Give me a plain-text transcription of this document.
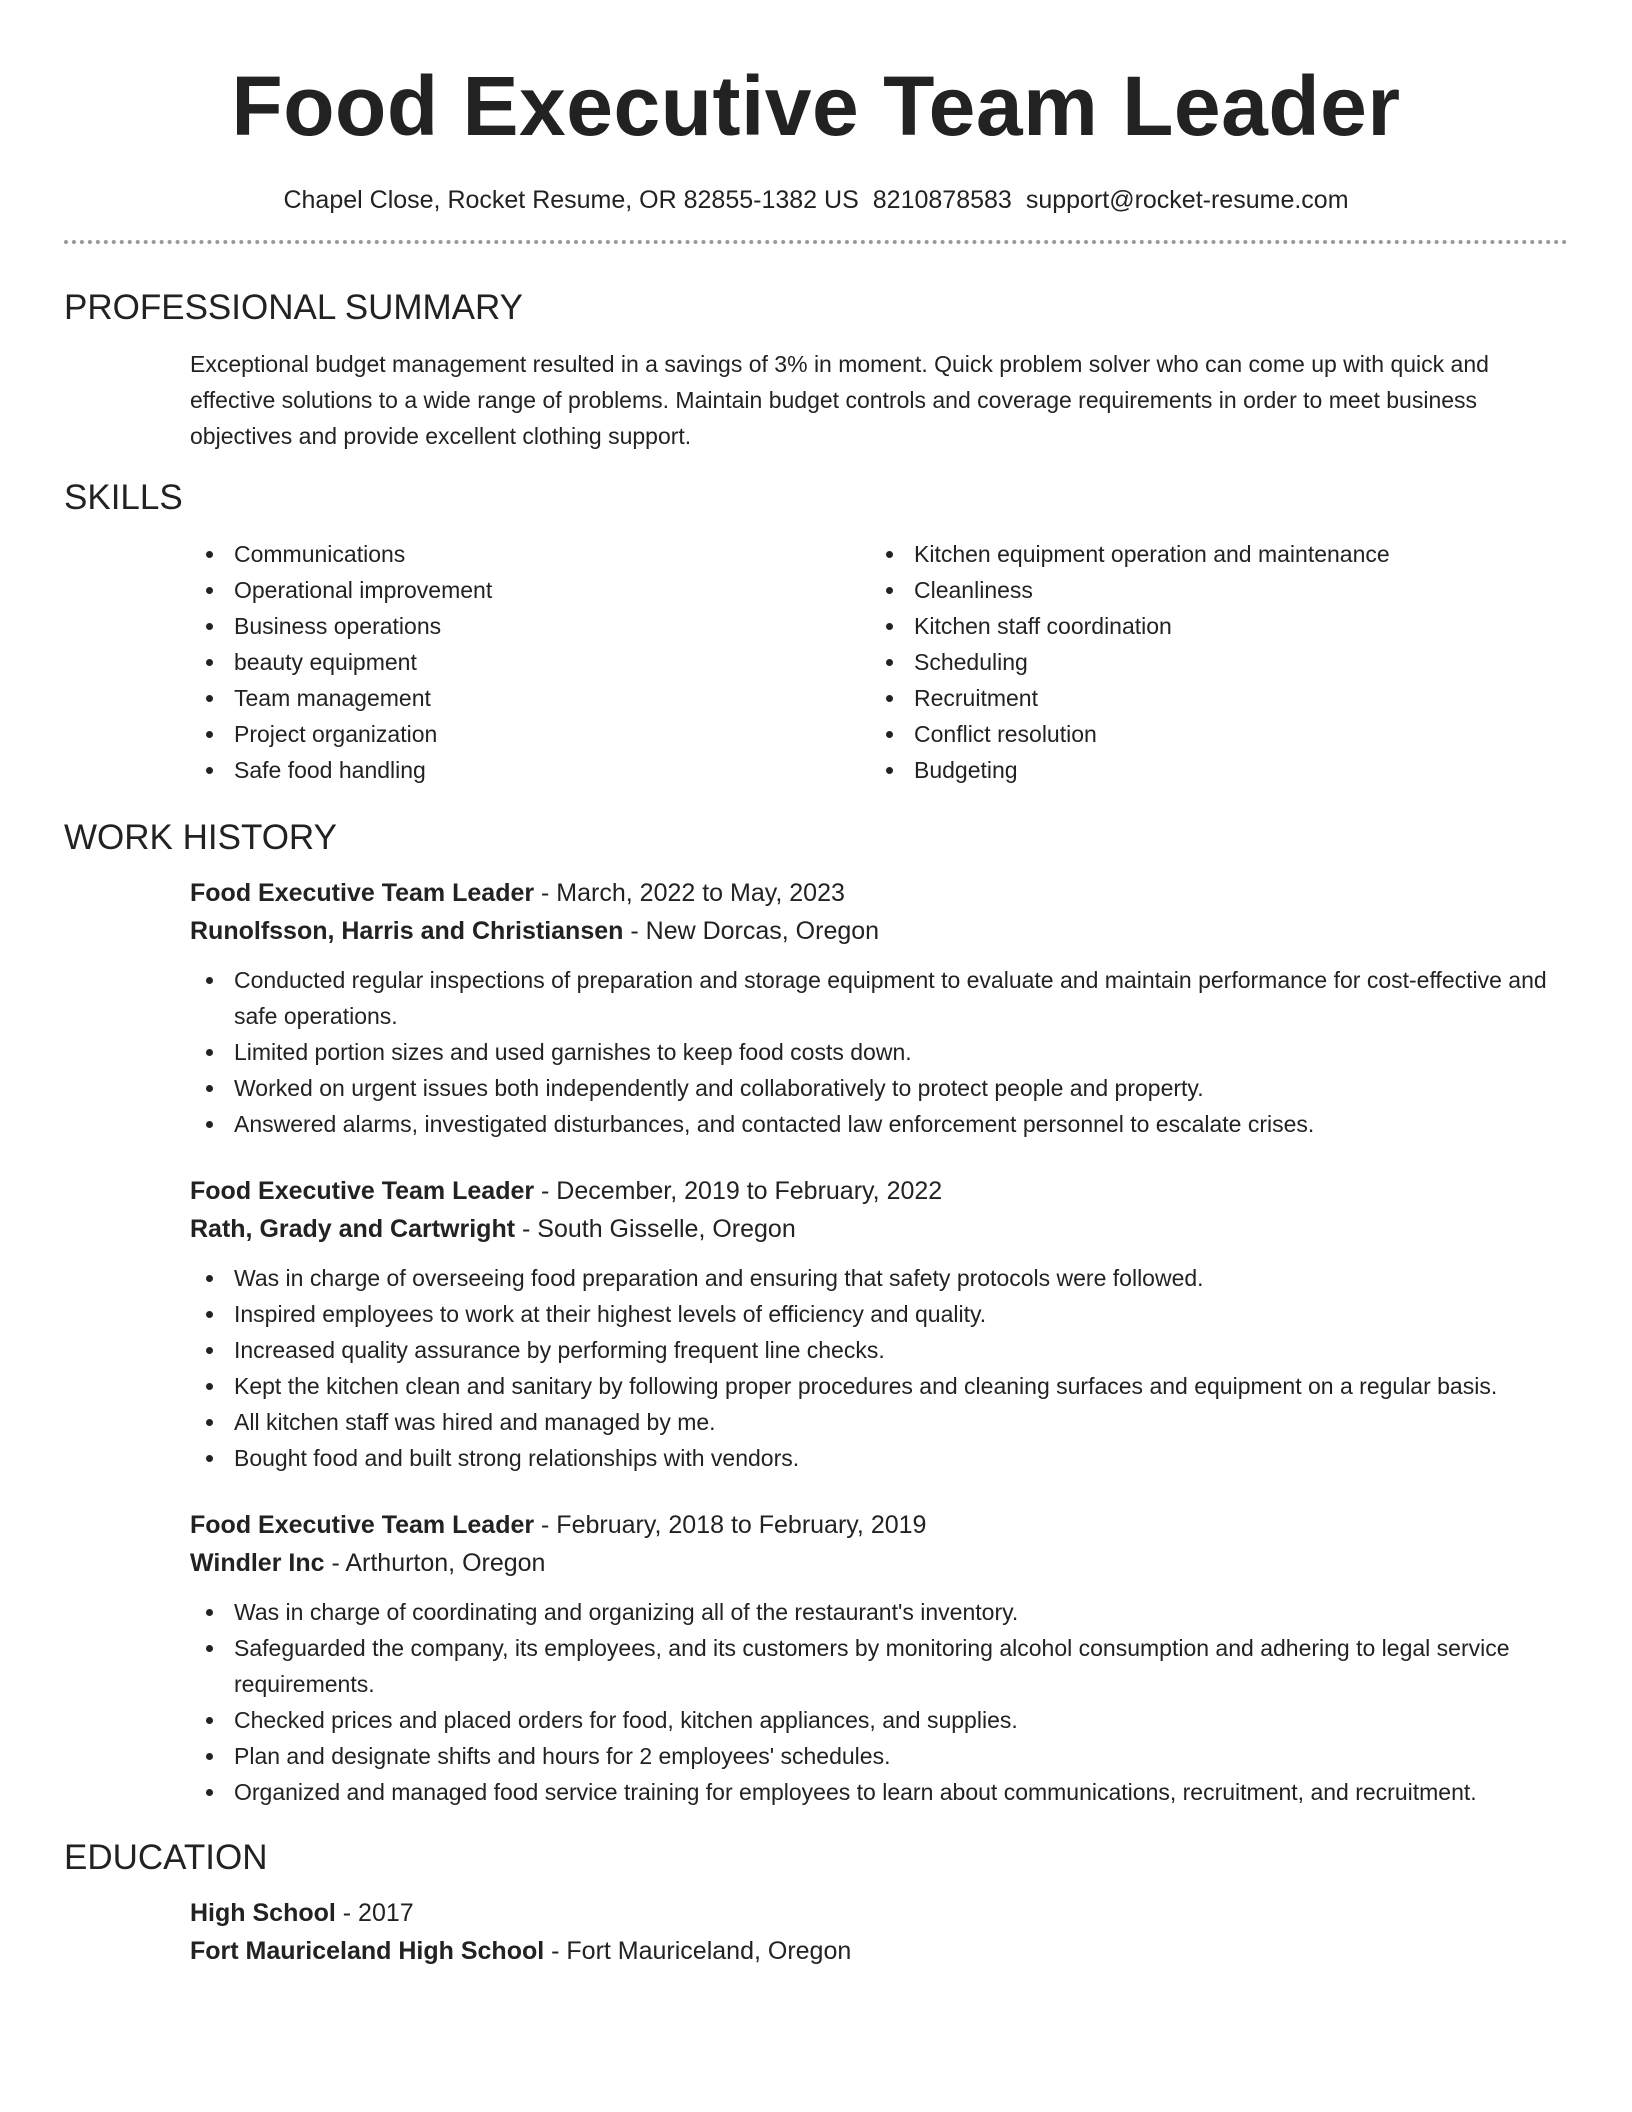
Food Executive Team Leader
Chapel Close, Rocket Resume, OR 82855-1382 US 8210878583 support@rocket-resume.com
PROFESSIONAL SUMMARY
Exceptional budget management resulted in a savings of 3% in moment. Quick problem solver who can come up with quick and effective solutions to a wide range of problems. Maintain budget controls and coverage requirements in order to meet business objectives and provide excellent clothing support.
SKILLS
Communications
Operational improvement
Business operations
beauty equipment
Team management
Project organization
Safe food handling
Kitchen equipment operation and maintenance
Cleanliness
Kitchen staff coordination
Scheduling
Recruitment
Conflict resolution
Budgeting
WORK HISTORY
Food Executive Team Leader - March, 2022 to May, 2023
Runolfsson, Harris and Christiansen - New Dorcas, Oregon
Conducted regular inspections of preparation and storage equipment to evaluate and maintain performance for cost-effective and safe operations.
Limited portion sizes and used garnishes to keep food costs down.
Worked on urgent issues both independently and collaboratively to protect people and property.
Answered alarms, investigated disturbances, and contacted law enforcement personnel to escalate crises.
Food Executive Team Leader - December, 2019 to February, 2022
Rath, Grady and Cartwright - South Gisselle, Oregon
Was in charge of overseeing food preparation and ensuring that safety protocols were followed.
Inspired employees to work at their highest levels of efficiency and quality.
Increased quality assurance by performing frequent line checks.
Kept the kitchen clean and sanitary by following proper procedures and cleaning surfaces and equipment on a regular basis.
All kitchen staff was hired and managed by me.
Bought food and built strong relationships with vendors.
Food Executive Team Leader - February, 2018 to February, 2019
Windler Inc - Arthurton, Oregon
Was in charge of coordinating and organizing all of the restaurant's inventory.
Safeguarded the company, its employees, and its customers by monitoring alcohol consumption and adhering to legal service requirements.
Checked prices and placed orders for food, kitchen appliances, and supplies.
Plan and designate shifts and hours for 2 employees' schedules.
Organized and managed food service training for employees to learn about communications, recruitment, and recruitment.
EDUCATION
High School - 2017
Fort Mauriceland High School - Fort Mauriceland, Oregon
